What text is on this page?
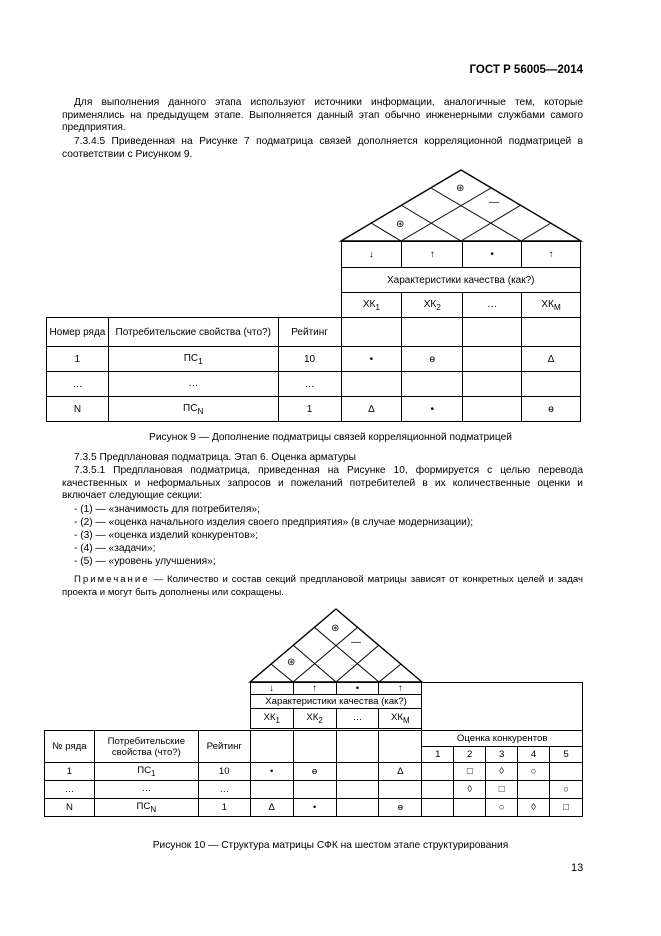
ГОСТ Р 56005—2014
Для выполнения данного этапа используют источники информации, аналогичные тем, которые применялись на предыдущем этапе. Выполняется данный этап обычно инженерными службами самого предприятия.
7.3.4.5 Приведенная на Рисунке 7 подматрица связей дополняется корреляционной подматрицей в соответствии с Рисунком 9.
⊛
⊛
—
			↓	↑	•	↑
			Характеристики качества (как?)			
			$ХК_1$	$ХК_2$	…	$ХК_М$
Номер ряда	Потребительские свойства (что?)	Рейтинг				
1	$ПС_1$	10	•	ɵ		Δ
…	…	…				
N	$ПС_N$	1	Δ	•		ɵ
Рисунок 9 — Дополнение подматрицы связей корреляционной подматрицей
7.3.5 Предплановая подматрица. Этап 6. Оценка арматуры
7.3.5.1 Предплановая подматрица, приведенная на Рисунке 10, формируется с целью перевода качественных и неформальных запросов и пожеланий потребителей в их количественные оценки и включает следующие секции:
- (1) — «значимость для потребителя»;
- (2) — «оценка начального изделия своего предприятия» (в случае модернизации);
- (3) — «оценка изделий конкурентов»;
- (4) — «задачи»;
- (5) — «уровень улучшения»;
Примечание — Количество и состав секций предплановой матрицы зависят от конкретных целей и задач проекта и могут быть дополнены или сокращены.
⊛
⊛
—
			↓	↑	•	↑					
			Характеристики качества (как?)								
			$ХК_1$	$ХК_2$	…	$ХК_М$

№ ряда	Потребительские свойства (что?)	Рейтинг					Оценка конкурентов				
							1	2	3	4	5
1	$ПС_1$	10	•	ɵ		Δ		□	◊	○	
…	…	…						◊	□		○
N	$ПС_N$	1	Δ	•		ɵ			○	◊	□
Рисунок 10 — Структура матрицы СФК на шестом этапе структурирования
13
